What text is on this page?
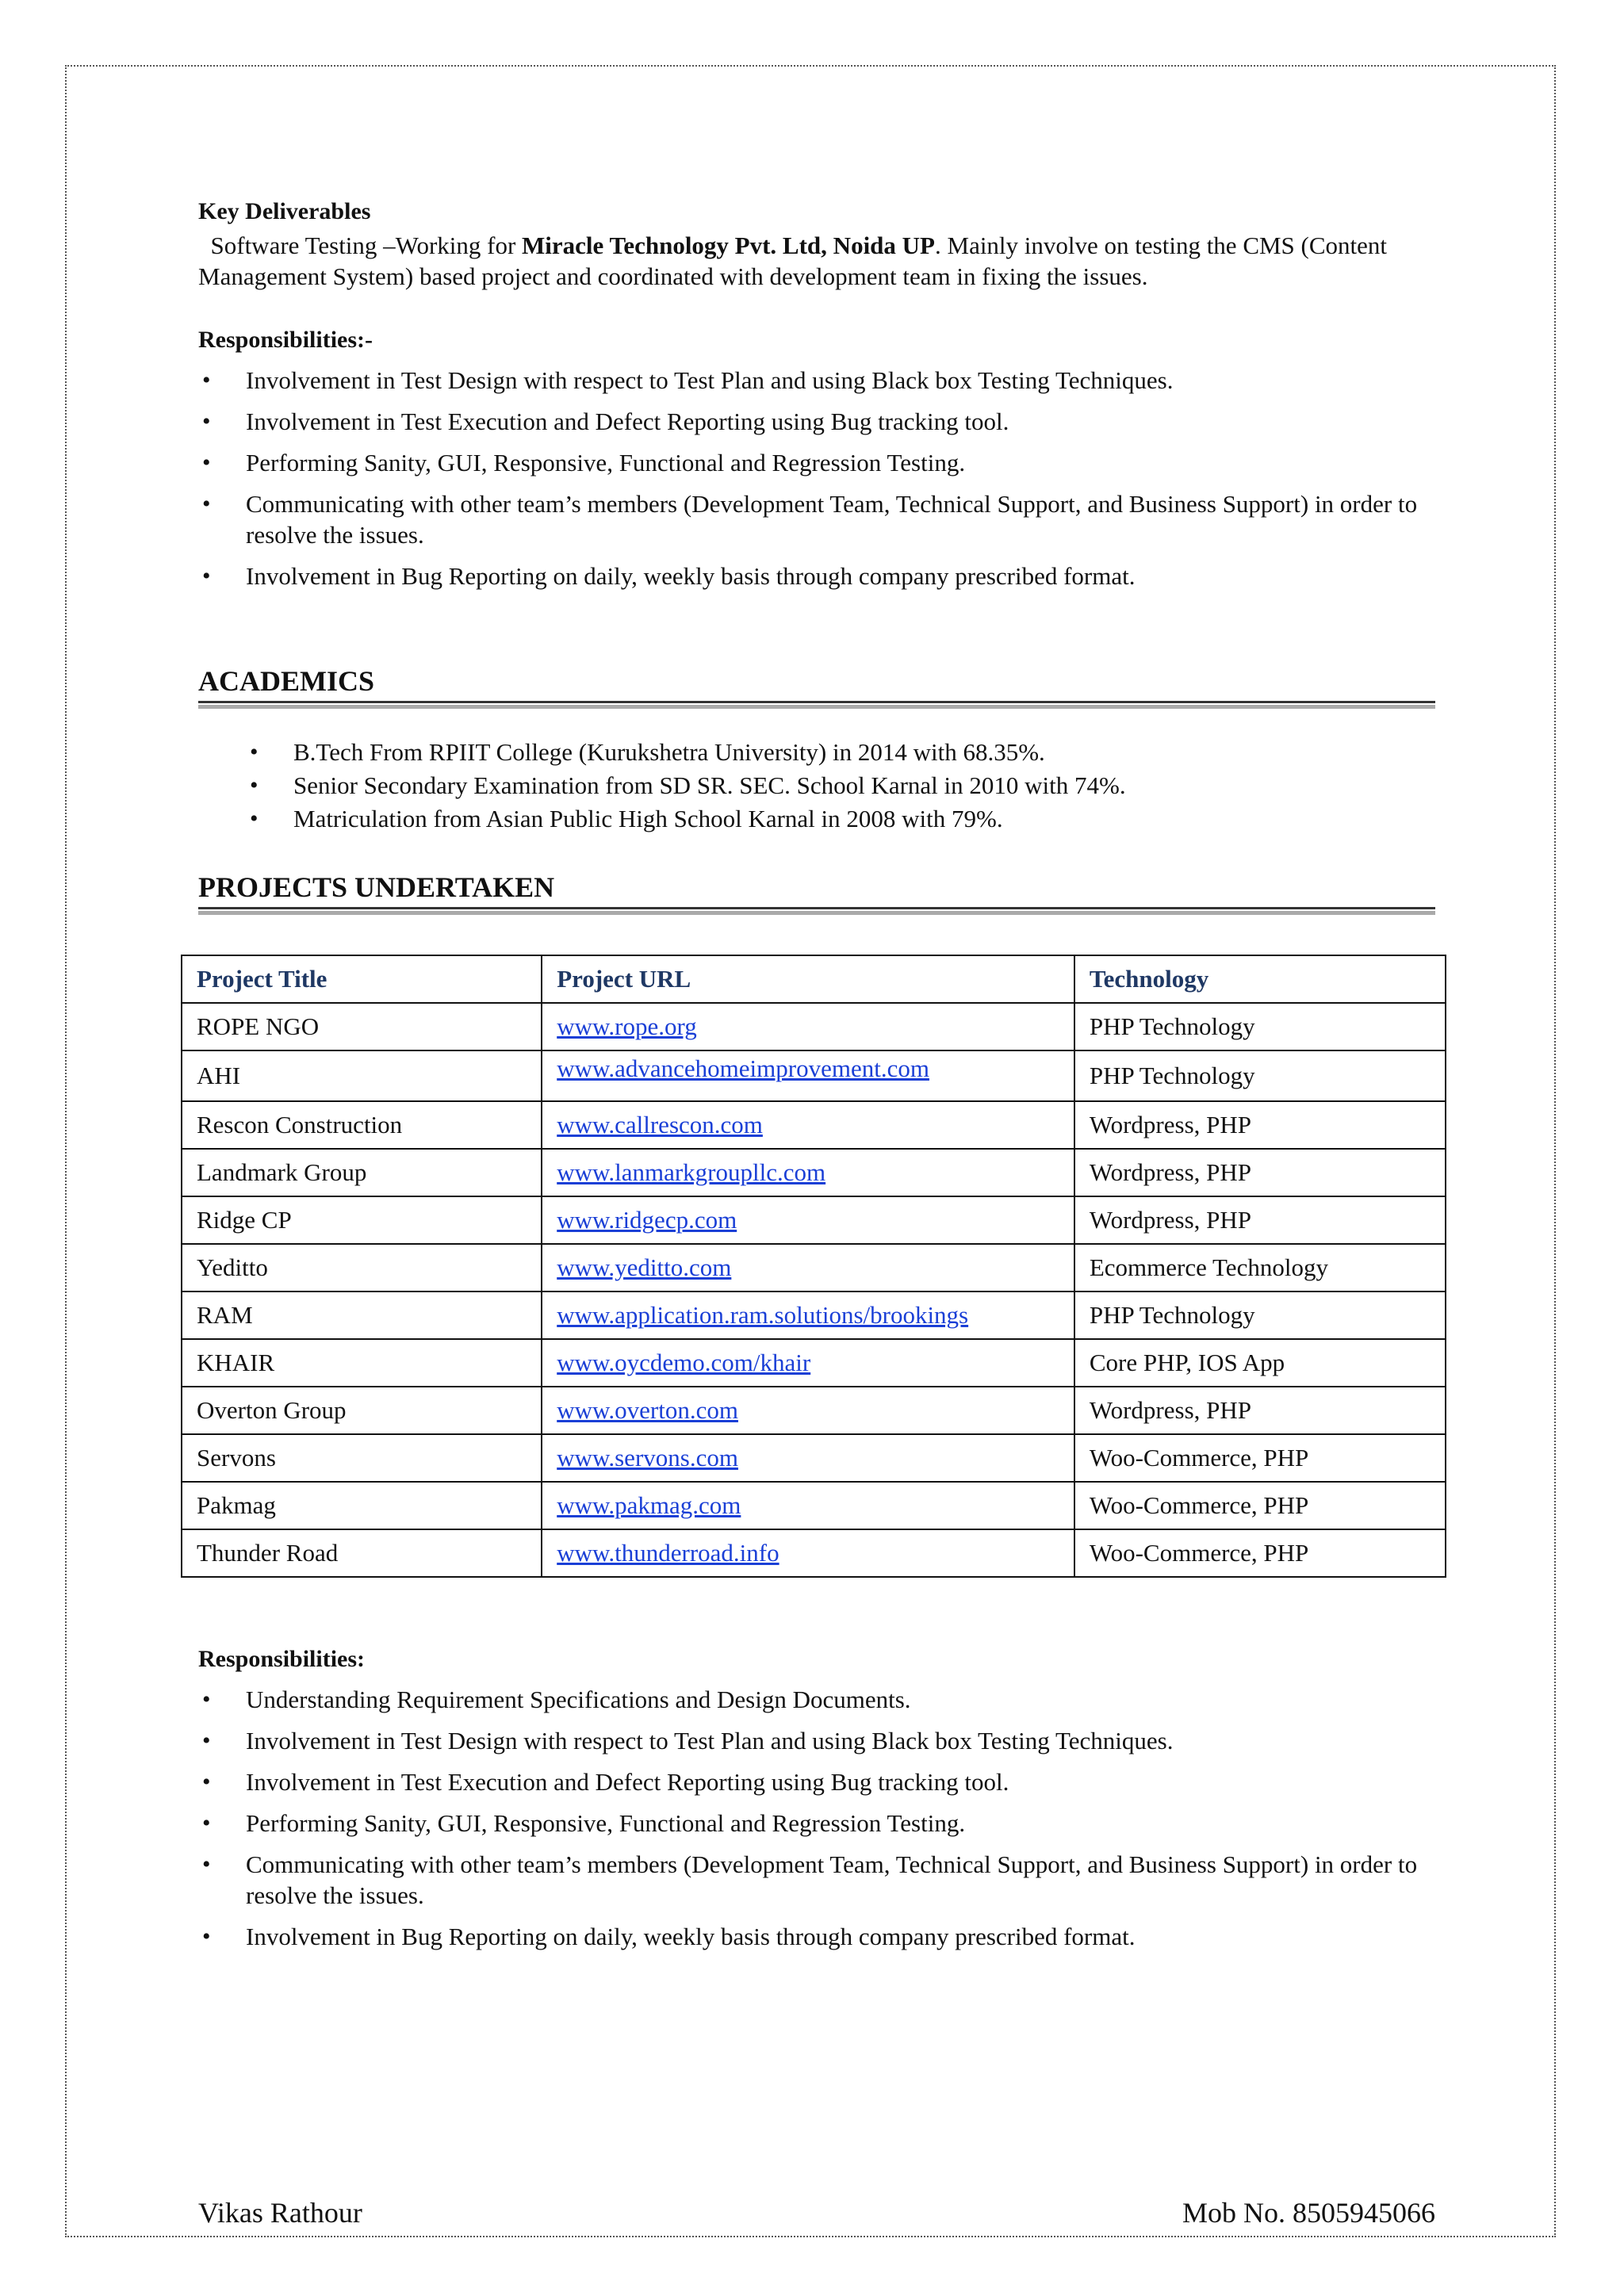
Key Deliverables
Software Testing –Working for Miracle Technology Pvt. Ltd, Noida UP. Mainly involve on testing the CMS (Content Management System) based project and coordinated with development team in fixing the issues.
Responsibilities:-
• Involvement in Test Design with respect to Test Plan and using Black box Testing Techniques.
• Involvement in Test Execution and Defect Reporting using Bug tracking tool.
• Performing Sanity, GUI, Responsive, Functional and Regression Testing.
• Communicating with other team’s members (Development Team, Technical Support, and Business Support) in order to resolve the issues.
• Involvement in Bug Reporting on daily, weekly basis through company prescribed format.
ACADEMICS
• B.Tech From RPIIT College (Kurukshetra University) in 2014 with 68.35%.
• Senior Secondary Examination from SD SR. SEC. School Karnal in 2010 with 74%.
• Matriculation from Asian Public High School Karnal in 2008 with 79%.
PROJECTS UNDERTAKEN
Project Title	Project URL	Technology
ROPE NGO	www.rope.org	PHP Technology
AHI	www.advancehomeimprovement.com	PHP Technology
Rescon Construction	www.callrescon.com	Wordpress, PHP
Landmark Group	www.lanmarkgroupllc.com	Wordpress, PHP
Ridge CP	www.ridgecp.com	Wordpress, PHP
Yeditto	www.yeditto.com	Ecommerce Technology
RAM	www.application.ram.solutions/brookings	PHP Technology
KHAIR	www.oycdemo.com/khair	Core PHP, IOS App
Overton Group	www.overton.com	Wordpress, PHP
Servons	www.servons.com	Woo-Commerce, PHP
Pakmag	www.pakmag.com	Woo-Commerce, PHP
Thunder Road	www.thunderroad.info	Woo-Commerce, PHP
Responsibilities:
• Understanding Requirement Specifications and Design Documents.
• Involvement in Test Design with respect to Test Plan and using Black box Testing Techniques.
• Involvement in Test Execution and Defect Reporting using Bug tracking tool.
• Performing Sanity, GUI, Responsive, Functional and Regression Testing.
• Communicating with other team’s members (Development Team, Technical Support, and Business Support) in order to resolve the issues.
• Involvement in Bug Reporting on daily, weekly basis through company prescribed format.
Vikas Rathour	Mob No. 8505945066
